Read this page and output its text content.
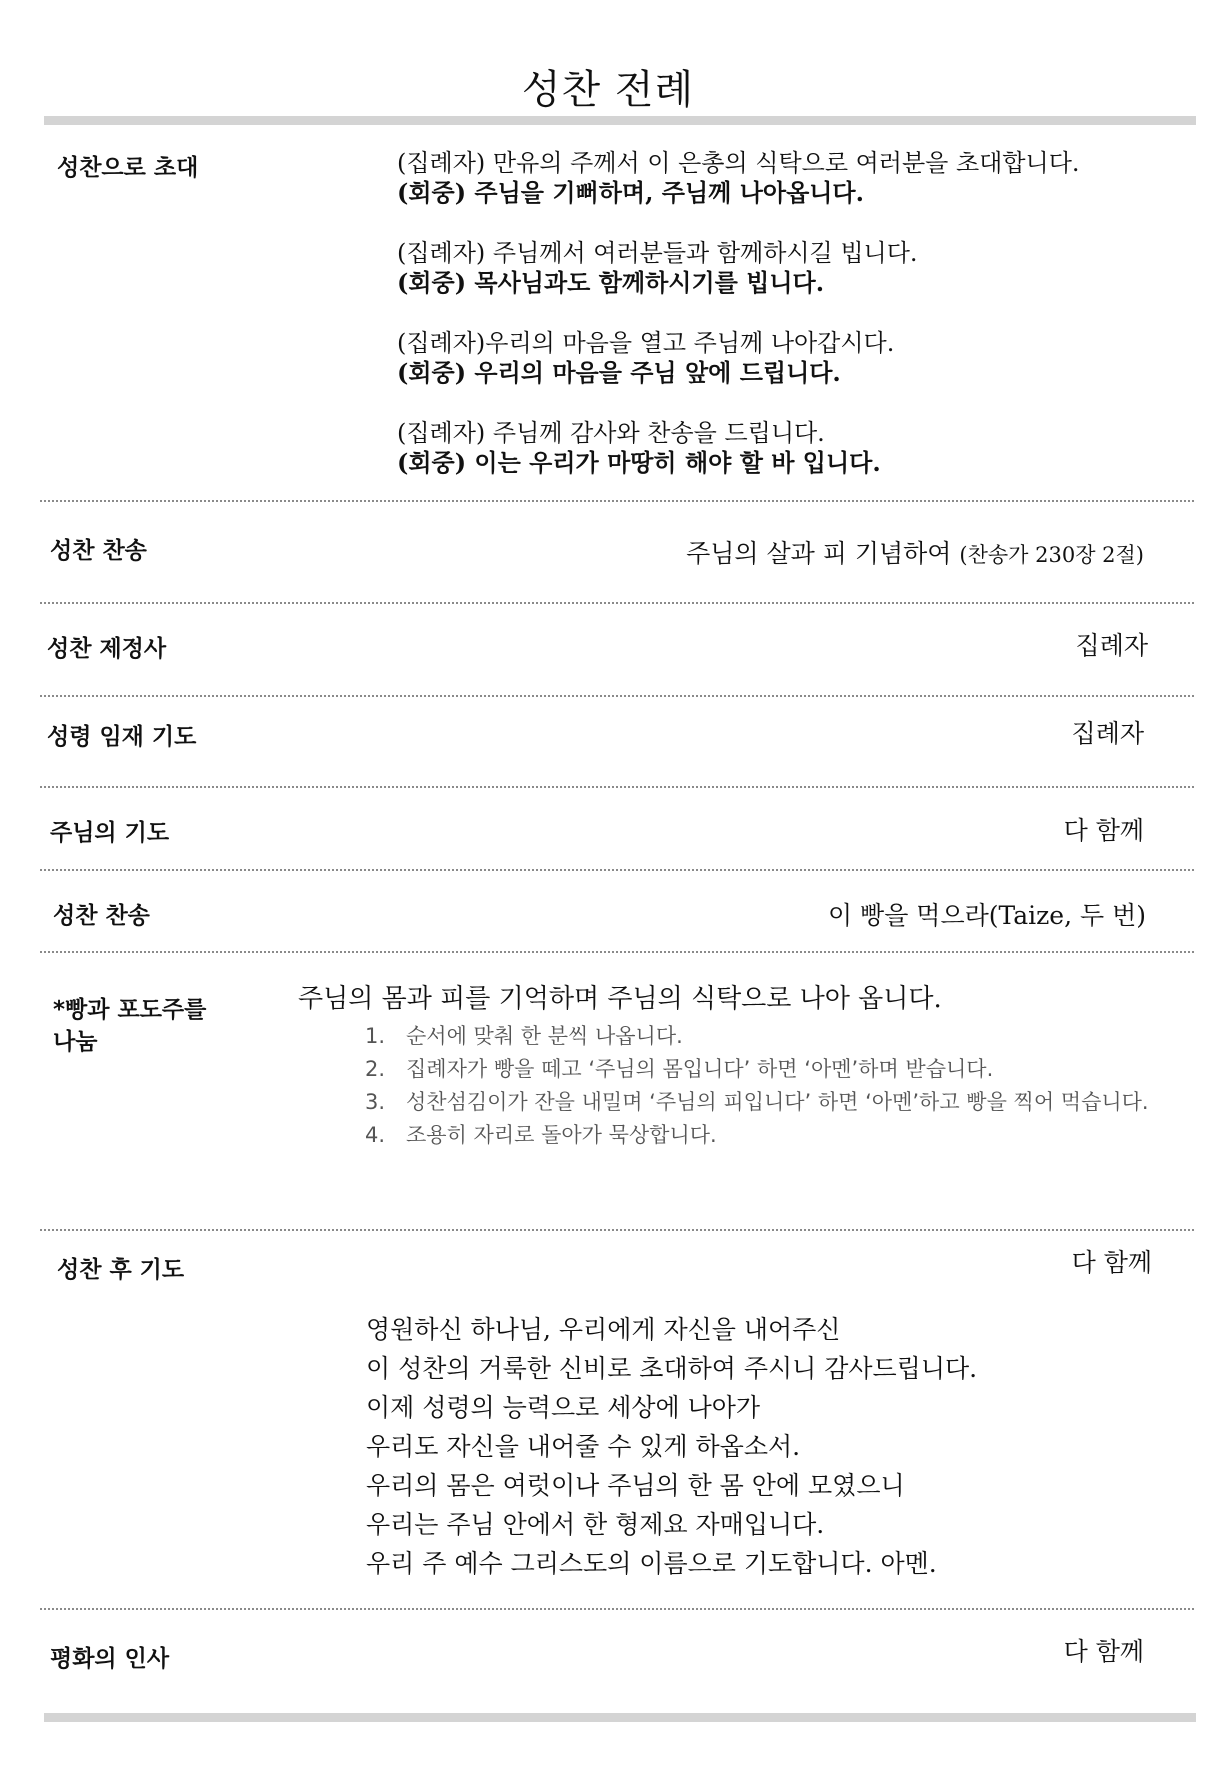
성찬 전례
성찬으로 초대	(집례자) 만유의 주께서 이 은총의 식탁으로 여러분을 초대합니다.
(회중) 주님을 기뻐하며, 주님께 나아옵니다.
(집례자) 주님께서 여러분들과 함께하시길 빕니다.
(회중) 목사님과도 함께하시기를 빕니다.
(집례자)우리의 마음을 열고 주님께 나아갑시다.
(회중) 우리의 마음을 주님 앞에 드립니다.
(집례자) 주님께 감사와 찬송을 드립니다.
(회중) 이는 우리가 마땅히 해야 할 바 입니다.
성찬 찬송	주님의 살과 피 기념하여 (찬송가 230장 2절)
성찬 제정사	집례자
성령 임재 기도	집례자
주님의 기도	다 함께
성찬 찬송	이 빵을 먹으라(Taize, 두 번)
*빵과 포도주를
나눔
주님의 몸과 피를 기억하며 주님의 식탁으로 나아 옵니다.
1. 순서에 맞춰 한 분씩 나옵니다.
2. 집례자가 빵을 떼고 ‘주님의 몸입니다’ 하면 ‘아멘’하며 받습니다.
3. 성찬섬김이가 잔을 내밀며 ‘주님의 피입니다’ 하면 ‘아멘’하고 빵을 찍어 먹습니다.
4. 조용히 자리로 돌아가 묵상합니다.
성찬 후 기도	다 함께
영원하신 하나님, 우리에게 자신을 내어주신
이 성찬의 거룩한 신비로 초대하여 주시니 감사드립니다.
이제 성령의 능력으로 세상에 나아가
우리도 자신을 내어줄 수 있게 하옵소서.
우리의 몸은 여럿이나 주님의 한 몸 안에 모였으니
우리는 주님 안에서 한 형제요 자매입니다.
우리 주 예수 그리스도의 이름으로 기도합니다. 아멘.
평화의 인사	다 함께
